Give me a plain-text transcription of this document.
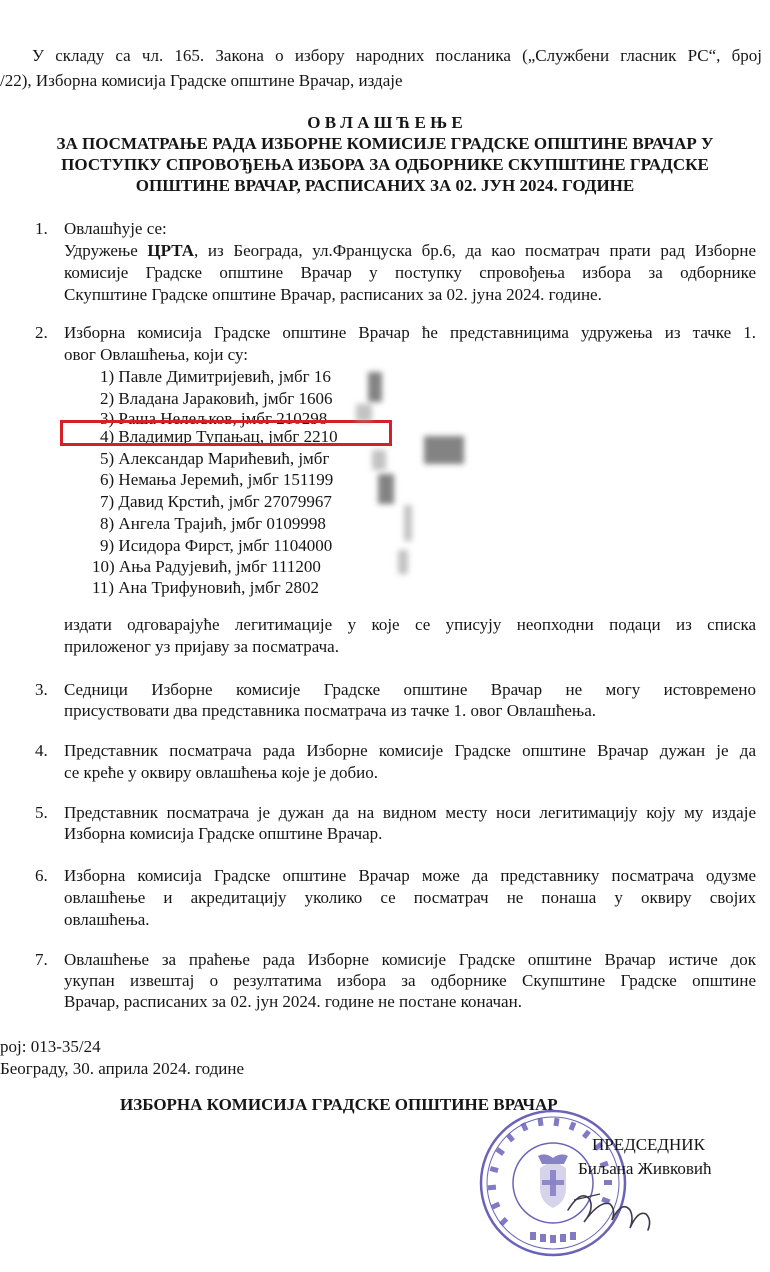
У складу са чл. 165. Закона о избору народних посланика („Службени гласник РС“, број
/22), Изборна комисија Градске општине Врачар, издаје
О В Л А Ш Ћ Е Њ Е
ЗА ПОСМАТРАЊЕ РАДА ИЗБОРНЕ КОМИСИЈЕ ГРАДСКЕ ОПШТИНЕ ВРАЧАР У
ПОСТУПКУ СПРОВОЂЕЊА ИЗБОРА ЗА ОДБОРНИКЕ СКУПШТИНЕ ГРАДСКЕ
ОПШТИНЕ ВРАЧАР, РАСПИСАНИХ ЗА 02. ЈУН 2024. ГОДИНЕ
1. Овлашћује се:
Удружење ЦРТА, из Београда, ул.Француска бр.6, да као посматрач прати рад Изборне
комисије Градске општине Врачар у поступку спровођења избора за одборнике
Скупштине Градске општине Врачар, расписаних за 02. јуна 2024. године.
2. Изборна комисија Градске општине Врачар ће представницима удружења из тачке 1.
овог Овлашћења, који су:
1) Павле Димитријевић, јмбг 16
2) Владана Јараковић, јмбг 1606
3) Раша Нелељков, јмбг 210298
4) Владимир Тупањац, јмбг 2210
5) Александар Марићевић, јмбг
6) Немања Јеремић, јмбг 151199
7) Давид Крстић, јмбг 27079967
8) Ангела Трајић, јмбг 0109998
9) Исидора Фирст, јмбг 1104000
10) Ања Радујевић, јмбг 111200
11) Ана Трифуновић, јмбг 2802
издати одговарајуће легитимације у које се уписују неопходни подаци из списка
приложеног уз пријаву за посматрача.
3. Седници Изборне комисије Градске општине Врачар не могу истовремено
присуствовати два представника посматрача из тачке 1. овог Овлашћења.
4. Представник посматрача рада Изборне комисије Градске општине Врачар дужан је да
се креће у оквиру овлашћења које је добио.
5. Представник посматрача је дужан да на видном месту носи легитимацију коју му издаје
Изборна комисија Градске општине Врачар.
6. Изборна комисија Градске општине Врачар може да представнику посматрача одузме
овлашћење и акредитацију уколико се посматрач не понаша у оквиру својих
овлашћења.
7. Овлашћење за праћење рада Изборне комисије Градске општине Врачар истиче док
укупан извештај о резултатима избора за одборнике Скупштине Градске општине
Врачар, расписаних за 02. јун 2024. године не постане коначан.
рој: 013-35/24
Београду, 30. априла 2024. године
ИЗБОРНА КОМИСИЈА ГРАДСКЕ ОПШТИНЕ ВРАЧАР
ПРЕДСЕДНИК
Биљана Живковић
